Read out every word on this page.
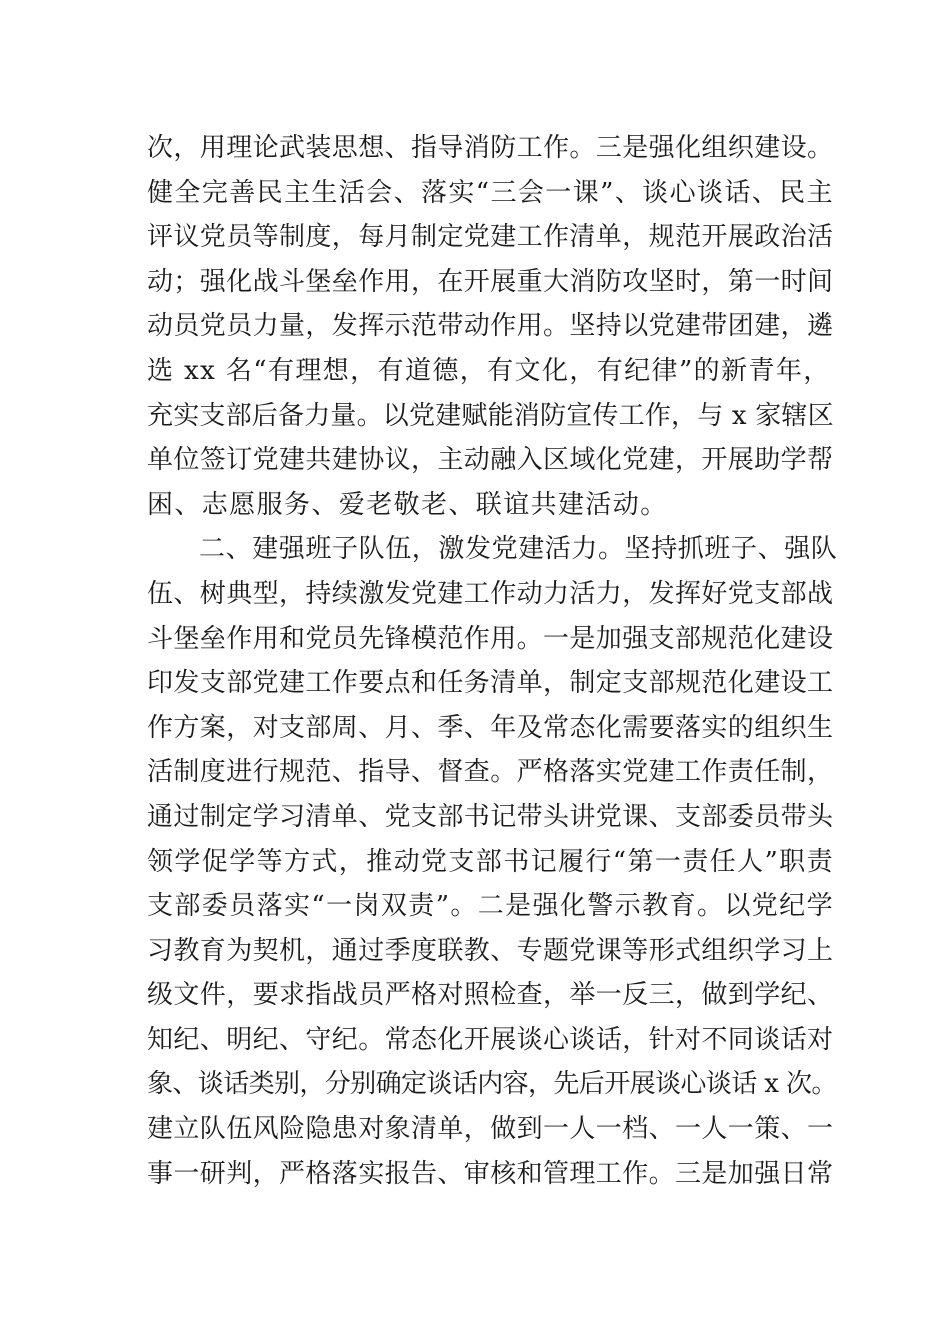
次，用理论武装思想、指导消防工作。三是强化组织建设。
健全完善民主生活会、落实“三会一课”、谈心谈话、民主
评议党员等制度，每月制定党建工作清单，规范开展政治活
动；强化战斗堡垒作用，在开展重大消防攻坚时，第一时间
动员党员力量，发挥示范带动作用。坚持以党建带团建，遴
选 xx 名“有理想，有道德，有文化，有纪律”的新青年，
充实支部后备力量。以党建赋能消防宣传工作，与 x 家辖区
单位签订党建共建协议，主动融入区域化党建，开展助学帮
困、志愿服务、爱老敬老、联谊共建活动。
二、建强班子队伍，激发党建活力。坚持抓班子、强队
伍、树典型，持续激发党建工作动力活力，发挥好党支部战
斗堡垒作用和党员先锋模范作用。一是加强支部规范化建设
印发支部党建工作要点和任务清单，制定支部规范化建设工
作方案，对支部周、月、季、年及常态化需要落实的组织生
活制度进行规范、指导、督查。严格落实党建工作责任制，
通过制定学习清单、党支部书记带头讲党课、支部委员带头
领学促学等方式，推动党支部书记履行“第一责任人”职责
支部委员落实“一岗双责”。二是强化警示教育。以党纪学
习教育为契机，通过季度联教、专题党课等形式组织学习上
级文件，要求指战员严格对照检查，举一反三，做到学纪、
知纪、明纪、守纪。常态化开展谈心谈话，针对不同谈话对
象、谈话类别，分别确定谈话内容，先后开展谈心谈话 x 次。
建立队伍风险隐患对象清单，做到一人一档、一人一策、一
事一研判，严格落实报告、审核和管理工作。三是加强日常
